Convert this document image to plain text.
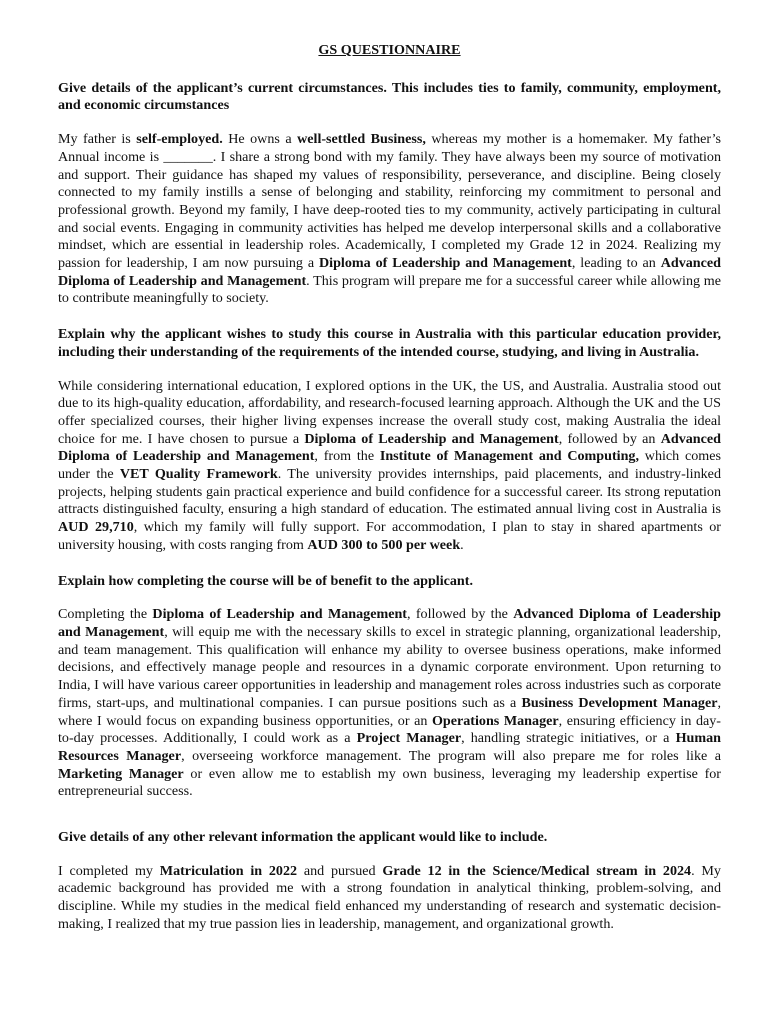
GS QUESTIONNAIRE
Give details of the applicant’s current circumstances. This includes ties to family, community, employment, and economic circumstances
My father is self-employed. He owns a well-settled Business, whereas my mother is a homemaker. My father’s Annual income is _______. I share a strong bond with my family. They have always been my source of motivation and support. Their guidance has shaped my values of responsibility, perseverance, and discipline. Being closely connected to my family instills a sense of belonging and stability, reinforcing my commitment to personal and professional growth. Beyond my family, I have deep-rooted ties to my community, actively participating in cultural and social events. Engaging in community activities has helped me develop interpersonal skills and a collaborative mindset, which are essential in leadership roles. Academically, I completed my Grade 12 in 2024. Realizing my passion for leadership, I am now pursuing a Diploma of Leadership and Management, leading to an Advanced Diploma of Leadership and Management. This program will prepare me for a successful career while allowing me to contribute meaningfully to society.
Explain why the applicant wishes to study this course in Australia with this particular education provider, including their understanding of the requirements of the intended course, studying, and living in Australia.
While considering international education, I explored options in the UK, the US, and Australia. Australia stood out due to its high-quality education, affordability, and research-focused learning approach. Although the UK and the US offer specialized courses, their higher living expenses increase the overall study cost, making Australia the ideal choice for me. I have chosen to pursue a Diploma of Leadership and Management, followed by an Advanced Diploma of Leadership and Management, from the Institute of Management and Computing, which comes under the VET Quality Framework. The university provides internships, paid placements, and industry-linked projects, helping students gain practical experience and build confidence for a successful career. Its strong reputation attracts distinguished faculty, ensuring a high standard of education. The estimated annual living cost in Australia is AUD 29,710, which my family will fully support. For accommodation, I plan to stay in shared apartments or university housing, with costs ranging from AUD 300 to 500 per week.
Explain how completing the course will be of benefit to the applicant.
Completing the Diploma of Leadership and Management, followed by the Advanced Diploma of Leadership and Management, will equip me with the necessary skills to excel in strategic planning, organizational leadership, and team management. This qualification will enhance my ability to oversee business operations, make informed decisions, and effectively manage people and resources in a dynamic corporate environment. Upon returning to India, I will have various career opportunities in leadership and management roles across industries such as corporate firms, start-ups, and multinational companies. I can pursue positions such as a Business Development Manager, where I would focus on expanding business opportunities, or an Operations Manager, ensuring efficiency in day-to-day processes. Additionally, I could work as a Project Manager, handling strategic initiatives, or a Human Resources Manager, overseeing workforce management. The program will also prepare me for roles like a Marketing Manager or even allow me to establish my own business, leveraging my leadership expertise for entrepreneurial success.
Give details of any other relevant information the applicant would like to include.
I completed my Matriculation in 2022 and pursued Grade 12 in the Science/Medical stream in 2024. My academic background has provided me with a strong foundation in analytical thinking, problem-solving, and discipline. While my studies in the medical field enhanced my understanding of research and systematic decision-making, I realized that my true passion lies in leadership, management, and organizational growth.
